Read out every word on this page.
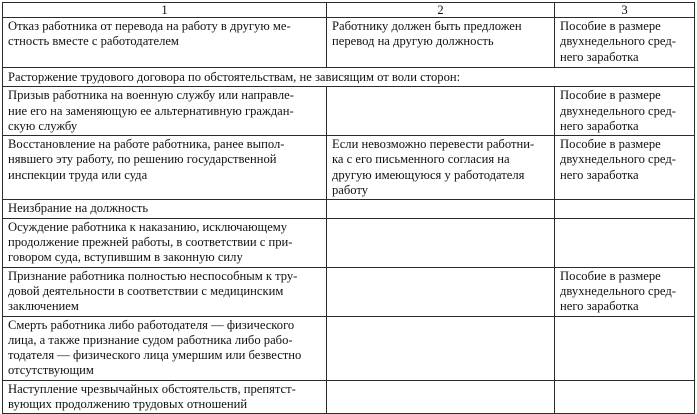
1	2	3

Отказ работника от перевода на работу в другую ме-
стность вместе с работодателем	Работнику должен быть предложен
перевод на другую должность	Пособие в размере
двухнедельного сред-
него заработка

Расторжение трудового договора по обстоятельствам, не зависящим от воли сторон:		

Призыв работника на военную службу или направле-
ние его на заменяющую ее альтернативную граждан-
скую службу		Пособие в размере
двухнедельного сред-
него заработка

Восстановление на работе работника, ранее выпол-
нявшего эту работу, по решению государственной
инспекции труда или суда	Если невозможно перевести работни-
ка с его письменного согласия на
другую имеющуюся у работодателя
работу	Пособие в размере
двухнедельного сред-
него заработка

Неизбрание на должность		

Осуждение работника к наказанию, исключающему
продолжение прежней работы, в соответствии с при-
говором суда, вступившим в законную силу		

Признание работника полностью неспособным к тру-
довой деятельности в соответствии с медицинским
заключением		Пособие в размере
двухнедельного сред-
него заработка

Смерть работника либо работодателя — физического
лица, а также признание судом работника либо рабо-
тодателя — физического лица умершим или безвестно
отсутствующим		

Наступление чрезвычайных обстоятельств, препятст-
вующих продолжению трудовых отношений		
